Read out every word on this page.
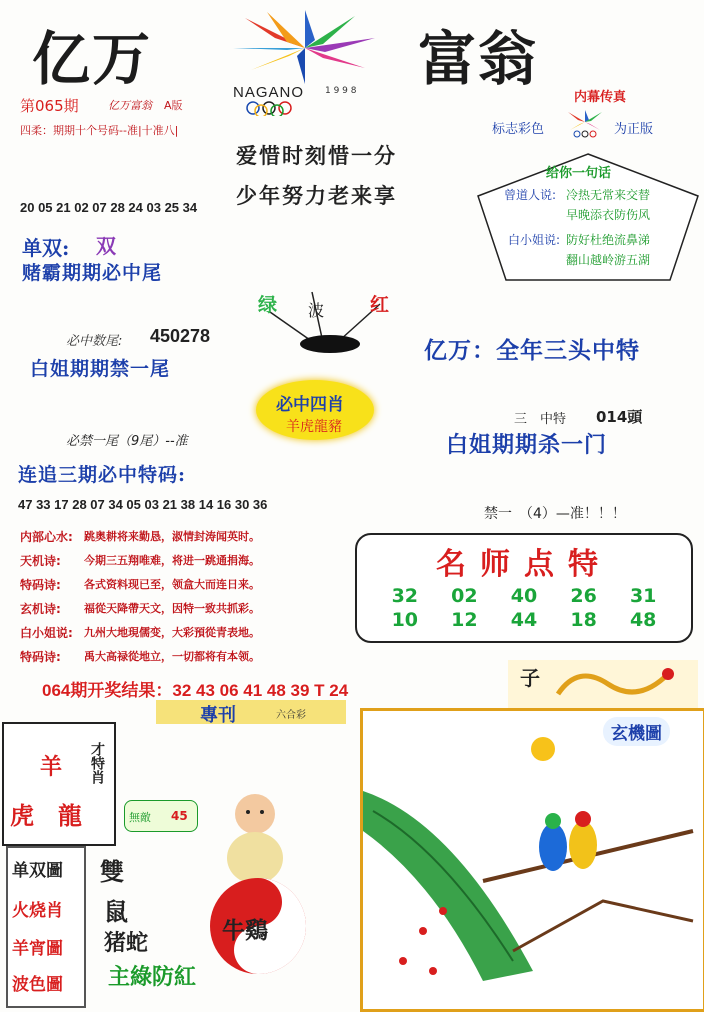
亿万	富翁
NAGANO 1 9 9 8
第065期	亿万富翁 A版
四柔：期期十个号码--准|十准八|
爱惜时刻惜一分
少年努力老来享
内幕传真
标志彩色	为正版
给你一句话
曾道人说: 冷热无常来交替
早晚添衣防伤风
白小姐说: 防好杜绝流鼻涕
翻山越岭游五湖
20 05 21 02 07 28 24 03 25 34
单双: 双
赌霸期期必中尾
绿 波 红
必中数尾: 450278
白姐期期禁一尾
亿万：全年三头中特
必中四肖
羊虎龍豬	三　中特 014頭
白姐期期杀一门
必禁一尾（9尾）--准
连追三期必中特码:
47 33 17 28 07 34 05 03 21 38 14 16 30 36
禁一　（4）—准！！！
内部心水:	跳奥耕将来勤恳，淑情封涛闻英时。
天机诗:	今期三五翔唯难，将进一跳通捐海。
特码诗:	各式资料现已至，领盒大而连日来。
玄机诗:	福從天降帶天文，因特一致共抓彩。
白小姐说:	九州大地現儒变，大彩預從青表地。
特码诗:	禹大高禄從地立，一切都将有本领。
名师点特
32	02	40	26	31
10	12	44	18	48
064期开奖结果：32 43 06 41 48 39 T 24
專刊	六合彩
子
玄機圖
羊
虎 龍
才特肖
無敵 45
单双圖
火烧肖
羊宵圖
波色圖
雙
鼠
猪蛇
主綠防紅
牛鷄
